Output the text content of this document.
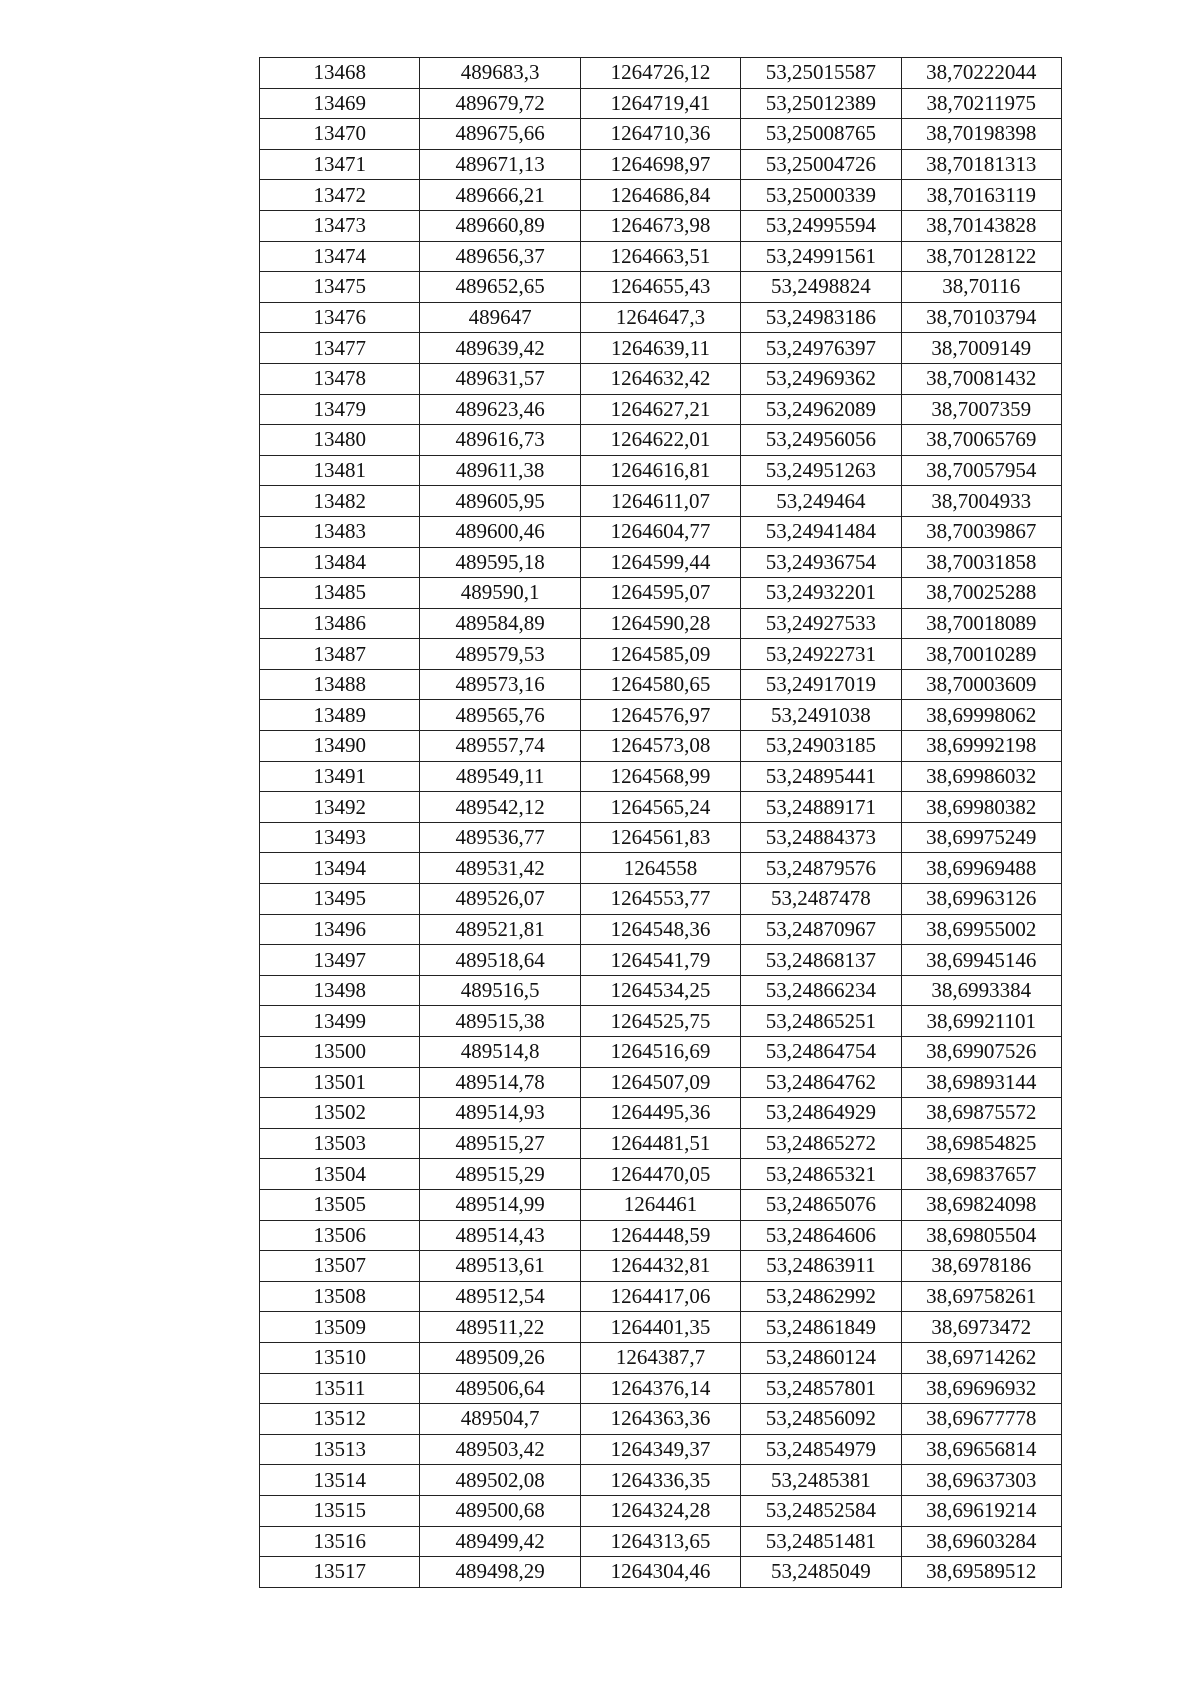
13468	489683,3	1264726,12	53,25015587	38,70222044
13469	489679,72	1264719,41	53,25012389	38,70211975
13470	489675,66	1264710,36	53,25008765	38,70198398
13471	489671,13	1264698,97	53,25004726	38,70181313
13472	489666,21	1264686,84	53,25000339	38,70163119
13473	489660,89	1264673,98	53,24995594	38,70143828
13474	489656,37	1264663,51	53,24991561	38,70128122
13475	489652,65	1264655,43	53,2498824	38,70116
13476	489647	1264647,3	53,24983186	38,70103794
13477	489639,42	1264639,11	53,24976397	38,7009149
13478	489631,57	1264632,42	53,24969362	38,70081432
13479	489623,46	1264627,21	53,24962089	38,7007359
13480	489616,73	1264622,01	53,24956056	38,70065769
13481	489611,38	1264616,81	53,24951263	38,70057954
13482	489605,95	1264611,07	53,249464	38,7004933
13483	489600,46	1264604,77	53,24941484	38,70039867
13484	489595,18	1264599,44	53,24936754	38,70031858
13485	489590,1	1264595,07	53,24932201	38,70025288
13486	489584,89	1264590,28	53,24927533	38,70018089
13487	489579,53	1264585,09	53,24922731	38,70010289
13488	489573,16	1264580,65	53,24917019	38,70003609
13489	489565,76	1264576,97	53,2491038	38,69998062
13490	489557,74	1264573,08	53,24903185	38,69992198
13491	489549,11	1264568,99	53,24895441	38,69986032
13492	489542,12	1264565,24	53,24889171	38,69980382
13493	489536,77	1264561,83	53,24884373	38,69975249
13494	489531,42	1264558	53,24879576	38,69969488
13495	489526,07	1264553,77	53,2487478	38,69963126
13496	489521,81	1264548,36	53,24870967	38,69955002
13497	489518,64	1264541,79	53,24868137	38,69945146
13498	489516,5	1264534,25	53,24866234	38,6993384
13499	489515,38	1264525,75	53,24865251	38,69921101
13500	489514,8	1264516,69	53,24864754	38,69907526
13501	489514,78	1264507,09	53,24864762	38,69893144
13502	489514,93	1264495,36	53,24864929	38,69875572
13503	489515,27	1264481,51	53,24865272	38,69854825
13504	489515,29	1264470,05	53,24865321	38,69837657
13505	489514,99	1264461	53,24865076	38,69824098
13506	489514,43	1264448,59	53,24864606	38,69805504
13507	489513,61	1264432,81	53,24863911	38,6978186
13508	489512,54	1264417,06	53,24862992	38,69758261
13509	489511,22	1264401,35	53,24861849	38,6973472
13510	489509,26	1264387,7	53,24860124	38,69714262
13511	489506,64	1264376,14	53,24857801	38,69696932
13512	489504,7	1264363,36	53,24856092	38,69677778
13513	489503,42	1264349,37	53,24854979	38,69656814
13514	489502,08	1264336,35	53,2485381	38,69637303
13515	489500,68	1264324,28	53,24852584	38,69619214
13516	489499,42	1264313,65	53,24851481	38,69603284
13517	489498,29	1264304,46	53,2485049	38,69589512
